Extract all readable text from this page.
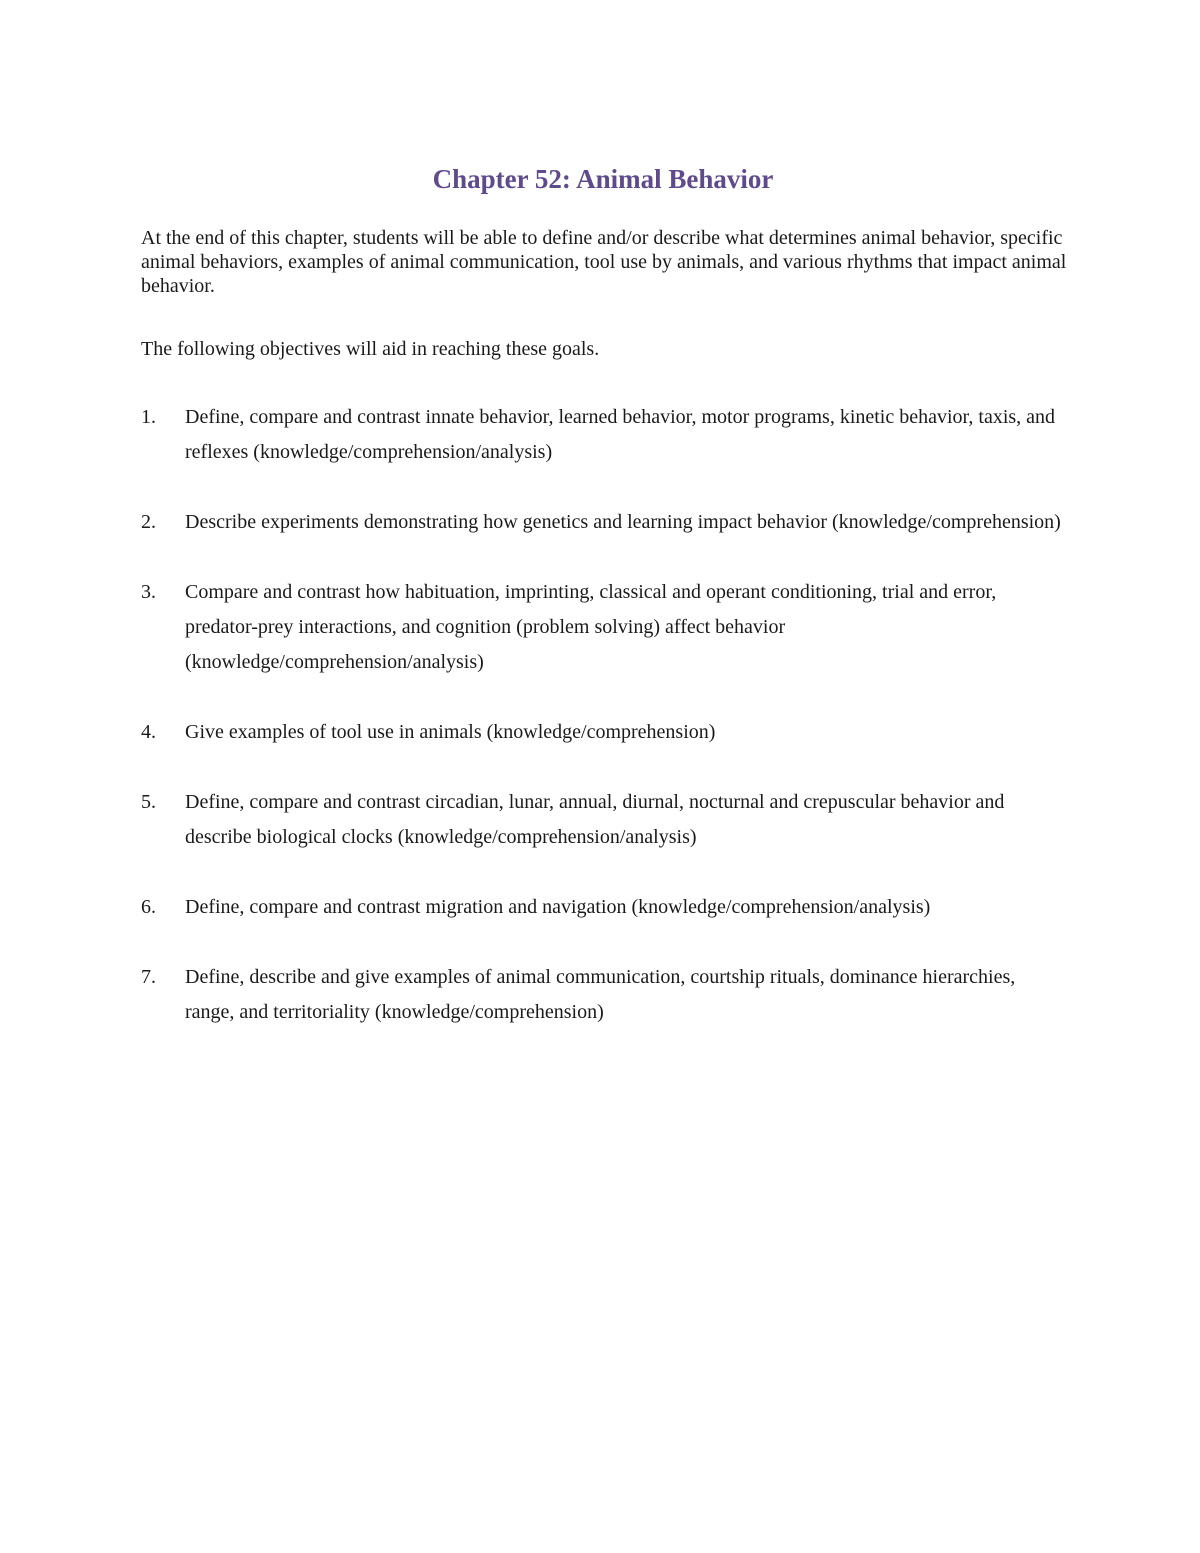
Chapter 52: Animal Behavior

At the end of this chapter, students will be able to define and/or describe what determines animal behavior, specific animal behaviors, examples of animal communication, tool use by animals, and various rhythms that impact animal behavior.

The following objectives will aid in reaching these goals.

1. Define, compare and contrast innate behavior, learned behavior, motor programs, kinetic behavior, taxis, and reflexes (knowledge/comprehension/analysis)
2. Describe experiments demonstrating how genetics and learning impact behavior (knowledge/comprehension)
3. Compare and contrast how habituation, imprinting, classical and operant conditioning, trial and error, predator-prey interactions, and cognition (problem solving) affect behavior (knowledge/comprehension/analysis)
4. Give examples of tool use in animals (knowledge/comprehension)
5. Define, compare and contrast circadian, lunar, annual, diurnal, nocturnal and crepuscular behavior and describe biological clocks (knowledge/comprehension/analysis)
6. Define, compare and contrast migration and navigation (knowledge/comprehension/analysis)
7. Define, describe and give examples of animal communication, courtship rituals, dominance hierarchies, range, and territoriality (knowledge/comprehension)
